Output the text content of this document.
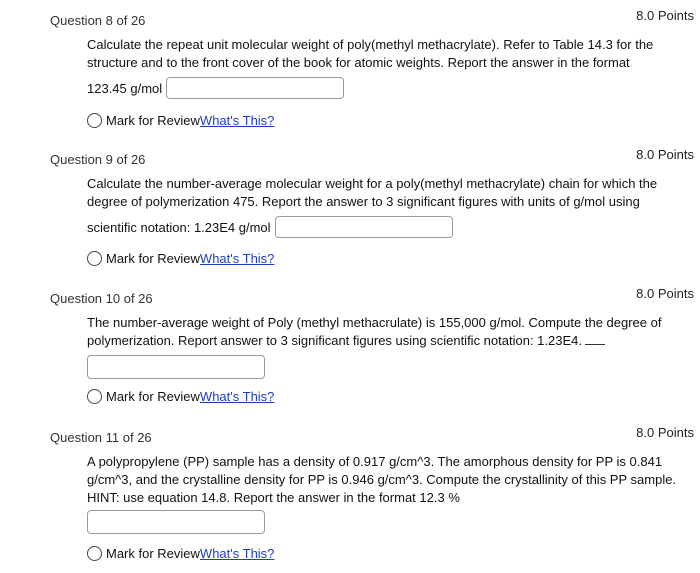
Question 8 of 26	8.0 Points
Calculate the repeat unit molecular weight of poly(methyl methacrylate). Refer to Table 14.3 for the structure and to the front cover of the book for atomic weights. Report the answer in the format
123.45 g/mol
Mark for Review What's This?
Question 9 of 26	8.0 Points
Calculate the number-average molecular weight for a poly(methyl methacrylate) chain for which the degree of polymerization 475. Report the answer to 3 significant figures with units of g/mol using
scientific notation: 1.23E4 g/mol
Mark for Review What's This?
Question 10 of 26	8.0 Points
The number-average weight of Poly (methyl methacrulate) is 155,000 g/mol. Compute the degree of polymerization. Report answer to 3 significant figures using scientific notation: 1.23E4.
Mark for Review What's This?
Question 11 of 26	8.0 Points
A polypropylene (PP) sample has a density of 0.917 g/cm^3. The amorphous density for PP is 0.841 g/cm^3, and the crystalline density for PP is 0.946 g/cm^3. Compute the crystallinity of this PP sample. HINT: use equation 14.8. Report the answer in the format 12.3 %
Mark for Review What's This?
